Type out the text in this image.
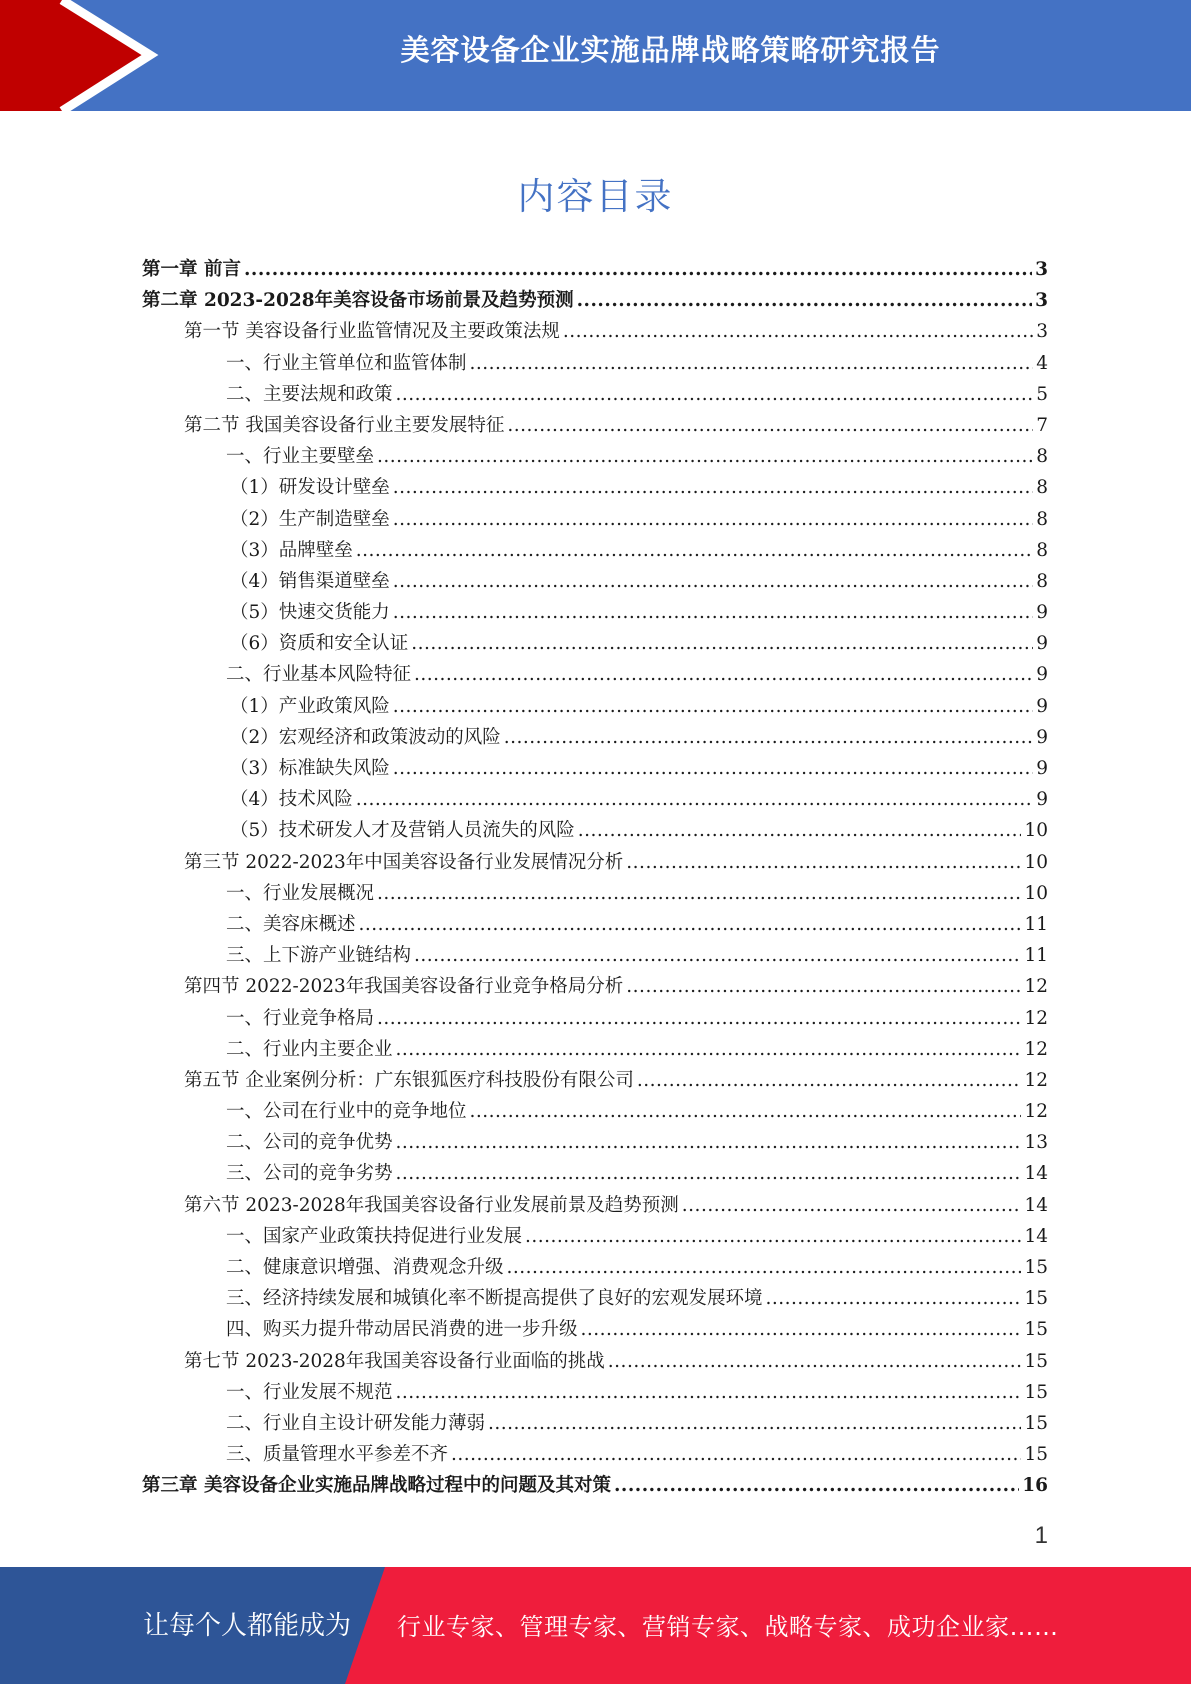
美容设备企业实施品牌战略策略研究报告
内容目录
第一章 前言 .....	3
第二章 2023-2028年美容设备市场前景及趋势预测 .....	3
第一节 美容设备行业监管情况及主要政策法规 .....	3
一、行业主管单位和监管体制 .....	4
二、主要法规和政策 .....	5
第二节 我国美容设备行业主要发展特征 .....	7
一、行业主要壁垒 .....	8
（1）研发设计壁垒 .....	8
（2）生产制造壁垒 .....	8
（3）品牌壁垒 .....	8
（4）销售渠道壁垒 .....	8
（5）快速交货能力 .....	9
（6）资质和安全认证 .....	9
二、行业基本风险特征 .....	9
（1）产业政策风险 .....	9
（2）宏观经济和政策波动的风险 .....	9
（3）标准缺失风险 .....	9
（4）技术风险 .....	9
（5）技术研发人才及营销人员流失的风险 .....	10
第三节 2022-2023年中国美容设备行业发展情况分析 .....	10
一、行业发展概况 .....	10
二、美容床概述 .....	11
三、上下游产业链结构 .....	11
第四节 2022-2023年我国美容设备行业竞争格局分析 .....	12
一、行业竞争格局 .....	12
二、行业内主要企业 .....	12
第五节 企业案例分析：广东银狐医疗科技股份有限公司 .....	12
一、公司在行业中的竞争地位 .....	12
二、公司的竞争优势 .....	13
三、公司的竞争劣势 .....	14
第六节 2023-2028年我国美容设备行业发展前景及趋势预测 .....	14
一、国家产业政策扶持促进行业发展 .....	14
二、健康意识增强、消费观念升级 .....	15
三、经济持续发展和城镇化率不断提高提供了良好的宏观发展环境 .....	15
四、购买力提升带动居民消费的进一步升级 .....	15
第七节 2023-2028年我国美容设备行业面临的挑战 .....	15
一、行业发展不规范 .....	15
二、行业自主设计研发能力薄弱 .....	15
三、质量管理水平参差不齐 .....	15
第三章 美容设备企业实施品牌战略过程中的问题及其对策 .....	16
1
让每个人都能成为 行业专家、管理专家、营销专家、战略专家、成功企业家……
